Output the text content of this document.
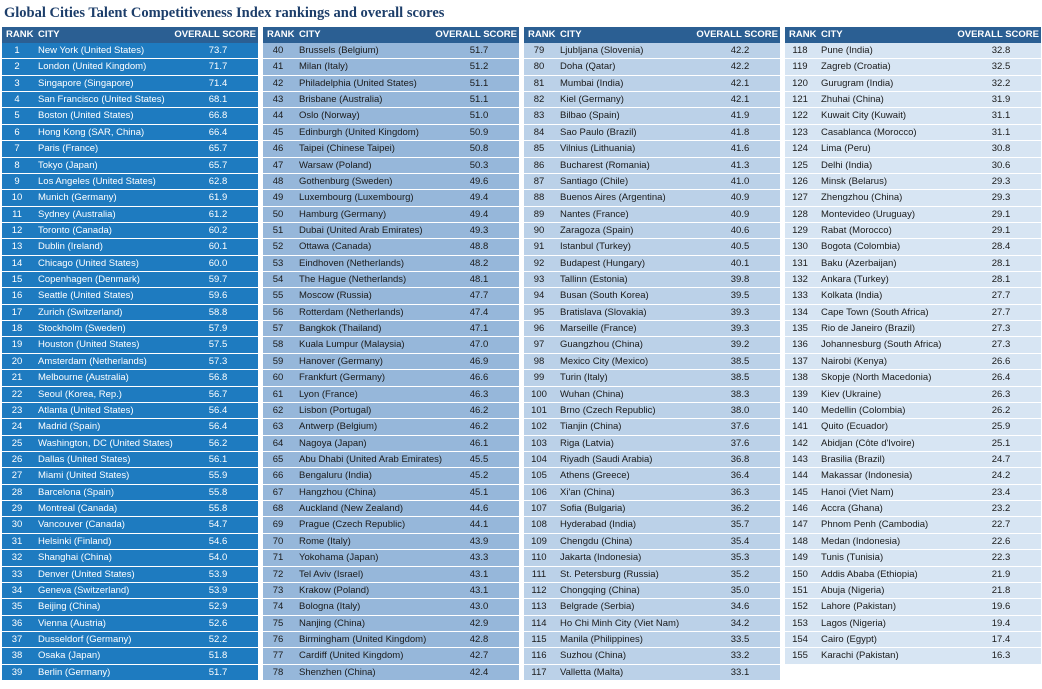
Global Cities Talent Competitiveness Index rankings and overall scores
RANK CITY	OVERALL SCORE
1	New York (United States)	73.7
2	London (United Kingdom)	71.7
3	Singapore (Singapore)	71.4
4	San Francisco (United States)	68.1
5	Boston (United States)	66.8
6	Hong Kong (SAR, China)	66.4
7	Paris (France)	65.7
8	Tokyo (Japan)	65.7
9	Los Angeles (United States)	62.8
10	Munich (Germany)	61.9
11	Sydney (Australia)	61.2
12	Toronto (Canada)	60.2
13	Dublin (Ireland)	60.1
14	Chicago (United States)	60.0
15	Copenhagen (Denmark)	59.7
16	Seattle (United States)	59.6
17	Zurich (Switzerland)	58.8
18	Stockholm (Sweden)	57.9
19	Houston (United States)	57.5
20	Amsterdam (Netherlands)	57.3
21	Melbourne (Australia)	56.8
22	Seoul (Korea, Rep.)	56.7
23	Atlanta (United States)	56.4
24	Madrid (Spain)	56.4
25	Washington, DC (United States)	56.2
26	Dallas (United States)	56.1
27	Miami (United States)	55.9
28	Barcelona (Spain)	55.8
29	Montreal (Canada)	55.8
30	Vancouver (Canada)	54.7
31	Helsinki (Finland)	54.6
32	Shanghai (China)	54.0
33	Denver (United States)	53.9
34	Geneva (Switzerland)	53.9
35	Beijing (China)	52.9
36	Vienna (Austria)	52.6
37	Dusseldorf (Germany)	52.2
38	Osaka (Japan)	51.8
39	Berlin (Germany)	51.7
RANK CITY	OVERALL SCORE
40	Brussels (Belgium)	51.7
41	Milan (Italy)	51.2
42	Philadelphia (United States)	51.1
43	Brisbane (Australia)	51.1
44	Oslo (Norway)	51.0
45	Edinburgh (United Kingdom)	50.9
46	Taipei (Chinese Taipei)	50.8
47	Warsaw (Poland)	50.3
48	Gothenburg (Sweden)	49.6
49	Luxembourg (Luxembourg)	49.4
50	Hamburg (Germany)	49.4
51	Dubai (United Arab Emirates)	49.3
52	Ottawa (Canada)	48.8
53	Eindhoven (Netherlands)	48.2
54	The Hague (Netherlands)	48.1
55	Moscow (Russia)	47.7
56	Rotterdam (Netherlands)	47.4
57	Bangkok (Thailand)	47.1
58	Kuala Lumpur (Malaysia)	47.0
59	Hanover (Germany)	46.9
60	Frankfurt (Germany)	46.6
61	Lyon (France)	46.3
62	Lisbon (Portugal)	46.2
63	Antwerp (Belgium)	46.2
64	Nagoya (Japan)	46.1
65	Abu Dhabi (United Arab Emirates)	45.5
66	Bengaluru (India)	45.2
67	Hangzhou (China)	45.1
68	Auckland (New Zealand)	44.6
69	Prague (Czech Republic)	44.1
70	Rome (Italy)	43.9
71	Yokohama (Japan)	43.3
72	Tel Aviv (Israel)	43.1
73	Krakow (Poland)	43.1
74	Bologna (Italy)	43.0
75	Nanjing (China)	42.9
76	Birmingham (United Kingdom)	42.8
77	Cardiff (United Kingdom)	42.7
78	Shenzhen (China)	42.4
RANK CITY	OVERALL SCORE
79	Ljubljana (Slovenia)	42.2
80	Doha (Qatar)	42.2
81	Mumbai (India)	42.1
82	Kiel (Germany)	42.1
83	Bilbao (Spain)	41.9
84	Sao Paulo (Brazil)	41.8
85	Vilnius (Lithuania)	41.6
86	Bucharest (Romania)	41.3
87	Santiago (Chile)	41.0
88	Buenos Aires (Argentina)	40.9
89	Nantes (France)	40.9
90	Zaragoza (Spain)	40.6
91	Istanbul (Turkey)	40.5
92	Budapest (Hungary)	40.1
93	Tallinn (Estonia)	39.8
94	Busan (South Korea)	39.5
95	Bratislava (Slovakia)	39.3
96	Marseille (France)	39.3
97	Guangzhou (China)	39.2
98	Mexico City (Mexico)	38.5
99	Turin (Italy)	38.5
100	Wuhan (China)	38.3
101	Brno (Czech Republic)	38.0
102	Tianjin (China)	37.6
103	Riga (Latvia)	37.6
104	Riyadh (Saudi Arabia)	36.8
105	Athens (Greece)	36.4
106	Xi'an (China)	36.3
107	Sofia (Bulgaria)	36.2
108	Hyderabad (India)	35.7
109	Chengdu (China)	35.4
110	Jakarta (Indonesia)	35.3
111	St. Petersburg (Russia)	35.2
112	Chongqing (China)	35.0
113	Belgrade (Serbia)	34.6
114	Ho Chi Minh City (Viet Nam)	34.2
115	Manila (Philippines)	33.5
116	Suzhou (China)	33.2
117	Valletta (Malta)	33.1
RANK CITY	OVERALL SCORE
118	Pune (India)	32.8
119	Zagreb (Croatia)	32.5
120	Gurugram (India)	32.2
121	Zhuhai (China)	31.9
122	Kuwait City (Kuwait)	31.1
123	Casablanca (Morocco)	31.1
124	Lima (Peru)	30.8
125	Delhi (India)	30.6
126	Minsk (Belarus)	29.3
127	Zhengzhou (China)	29.3
128	Montevideo (Uruguay)	29.1
129	Rabat (Morocco)	29.1
130	Bogota (Colombia)	28.4
131	Baku (Azerbaijan)	28.1
132	Ankara (Turkey)	28.1
133	Kolkata (India)	27.7
134	Cape Town (South Africa)	27.7
135	Rio de Janeiro (Brazil)	27.3
136	Johannesburg (South Africa)	27.3
137	Nairobi (Kenya)	26.6
138	Skopje (North Macedonia)	26.4
139	Kiev (Ukraine)	26.3
140	Medellin (Colombia)	26.2
141	Quito (Ecuador)	25.9
142	Abidjan (Côte d'Ivoire)	25.1
143	Brasilia (Brazil)	24.7
144	Makassar (Indonesia)	24.2
145	Hanoi (Viet Nam)	23.4
146	Accra (Ghana)	23.2
147	Phnom Penh (Cambodia)	22.7
148	Medan (Indonesia)	22.6
149	Tunis (Tunisia)	22.3
150	Addis Ababa (Ethiopia)	21.9
151	Abuja (Nigeria)	21.8
152	Lahore (Pakistan)	19.6
153	Lagos (Nigeria)	19.4
154	Cairo (Egypt)	17.4
155	Karachi (Pakistan)	16.3
